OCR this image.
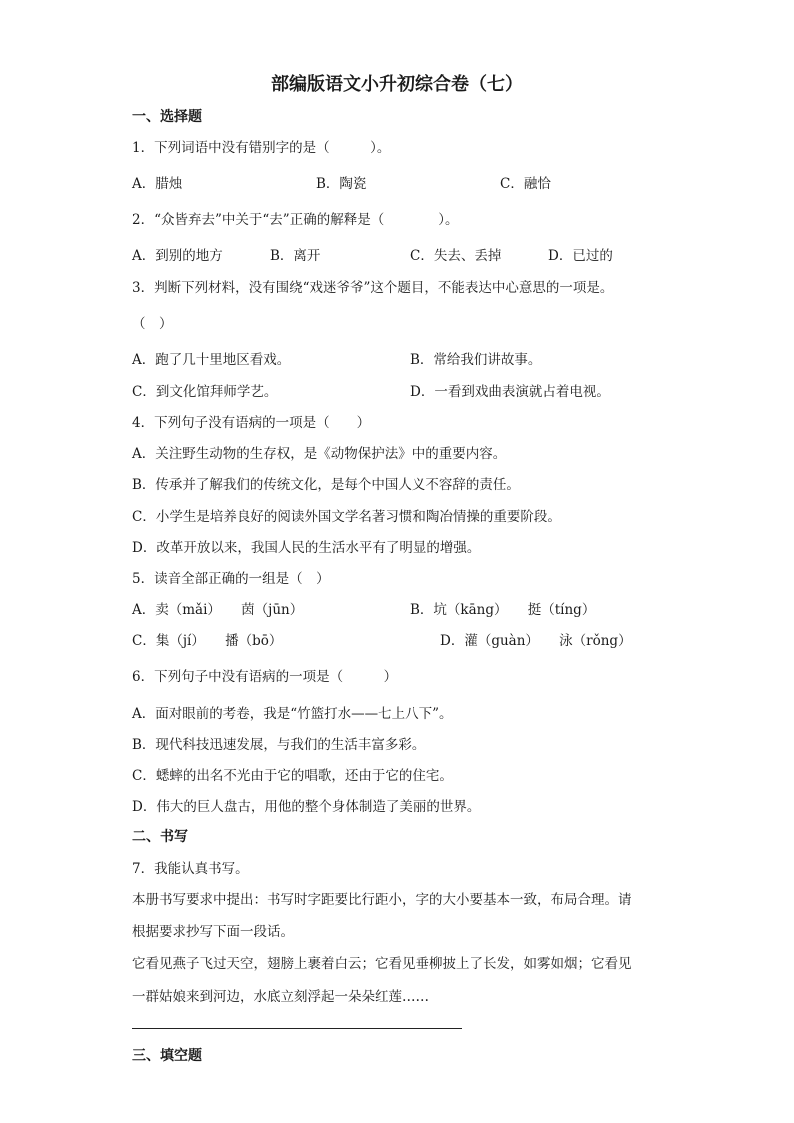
部编版语文小升初综合卷（七）
一、选择题
1．下列词语中没有错别字的是（　　　）。
A．腊烛	B．陶瓷	C．融恰
2．“众皆弃去”中关于“去”正确的解释是（　　　　）。
A．到别的地方	B．离开	C．失去、丢掉	D．已过的
3．判断下列材料，没有围绕“戏迷爷爷”这个题目，不能表达中心意思的一项是。
（　）
A．跑了几十里地区看戏。	B．常给我们讲故事。
C．到文化馆拜师学艺。	D．一看到戏曲表演就占着电视。
4．下列句子没有语病的一项是（　　）
A．关注野生动物的生存权，是《动物保护法》中的重要内容。
B．传承并了解我们的传统文化，是每个中国人义不容辞的责任。
C．小学生是培养良好的阅读外国文学名著习惯和陶冶情操的重要阶段。
D．改革开放以来，我国人民的生活水平有了明显的增强。
5．读音全部正确的一组是（　）
A．卖（mǎi）　　茵（jūn）	B．坑（kāng）　　挺（tíng）
C．集（jí）　　播（bō）	D．灌（guàn）　　泳（rǒng）
6．下列句子中没有语病的一项是（　　　）
A．面对眼前的考卷，我是“竹篮打水——七上八下”。
B．现代科技迅速发展，与我们的生活丰富多彩。
C．蟋蟀的出名不光由于它的唱歌，还由于它的住宅。
D．伟大的巨人盘古，用他的整个身体制造了美丽的世界。
二、书写
7．我能认真书写。
本册书写要求中提出：书写时字距要比行距小，字的大小要基本一致，布局合理。请
根据要求抄写下面一段话。
它看见燕子飞过天空，翅膀上裹着白云；它看见垂柳披上了长发，如雾如烟；它看见
一群姑娘来到河边，水底立刻浮起一朵朵红莲……
三、填空题
